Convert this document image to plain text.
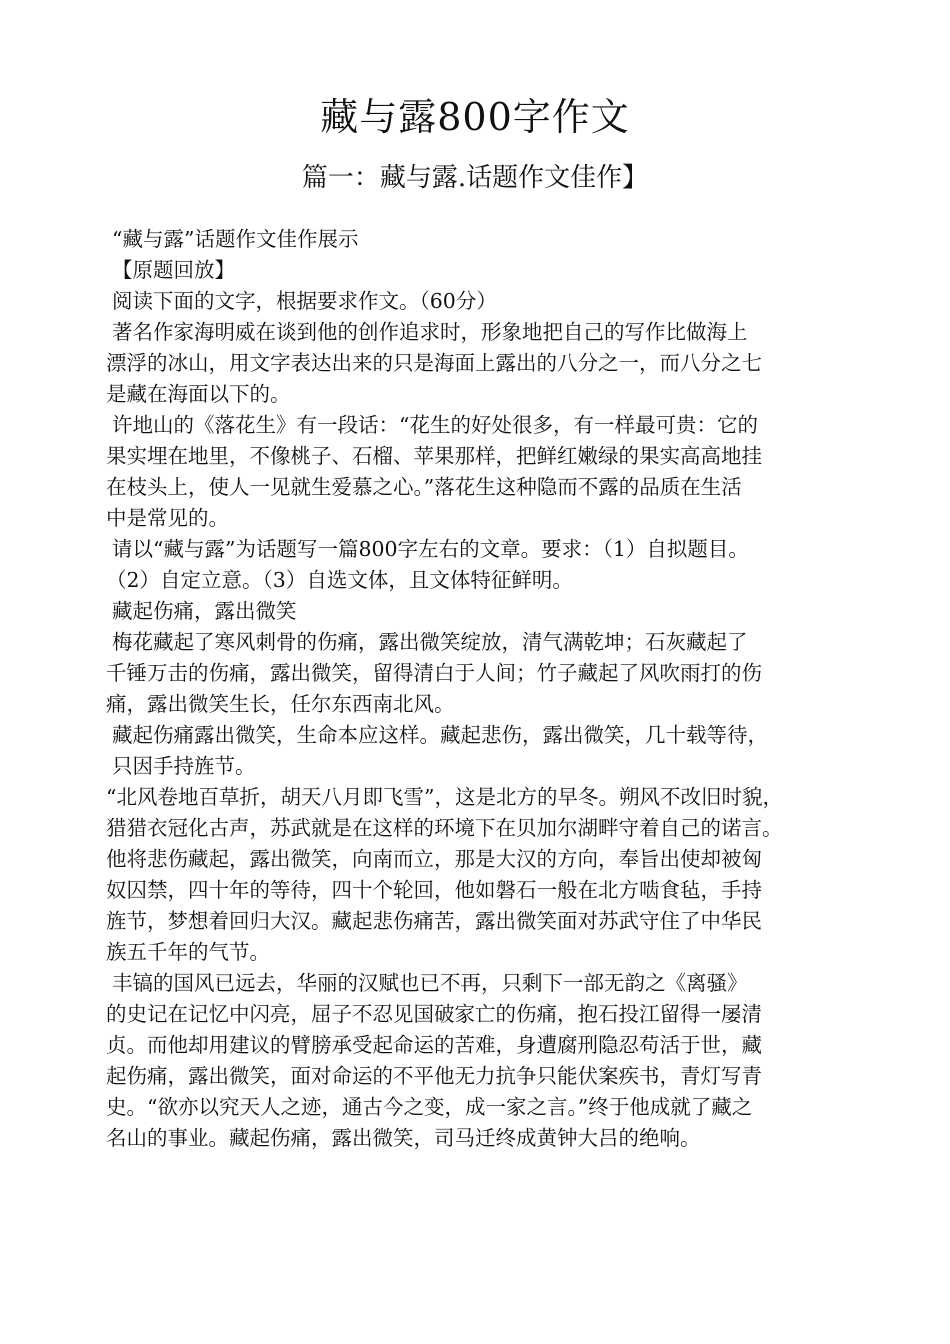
藏与露800字作文
篇一：藏与露.话题作文佳作】

“藏与露”话题作文佳作展示

【原题回放】

阅读下面的文字，根据要求作文。（60分）

著名作家海明威在谈到他的创作追求时，形象地把自己的写作比做海上

漂浮的冰山，用文字表达出来的只是海面上露出的八分之一，而八分之七

是藏在海面以下的。

许地山的《落花生》有一段话：“花生的好处很多，有一样最可贵：它的

果实埋在地里，不像桃子、石榴、苹果那样，把鲜红嫩绿的果实高高地挂

在枝头上，使人一见就生爱慕之心。”落花生这种隐而不露的品质在生活

中是常见的。

请以“藏与露”为话题写一篇800字左右的文章。要求：（1）自拟题目。

（2）自定立意。（3）自选文体，且文体特征鲜明。

藏起伤痛，露出微笑

梅花藏起了寒风刺骨的伤痛，露出微笑绽放，清气满乾坤；石灰藏起了

千锤万击的伤痛，露出微笑，留得清白于人间；竹子藏起了风吹雨打的伤

痛，露出微笑生长，任尔东西南北风。

藏起伤痛露出微笑，生命本应这样。藏起悲伤，露出微笑，几十载等待，

只因手持旌节。

“北风卷地百草折，胡天八月即飞雪”，这是北方的早冬。朔风不改旧时貌，

猎猎衣冠化古声，苏武就是在这样的环境下在贝加尔湖畔守着自己的诺言。

他将悲伤藏起，露出微笑，向南而立，那是大汉的方向，奉旨出使却被匈

奴囚禁，四十年的等待，四十个轮回，他如磐石一般在北方啮食毡，手持

旌节，梦想着回归大汉。藏起悲伤痛苦，露出微笑面对苏武守住了中华民

族五千年的气节。

丰镐的国风已远去，华丽的汉赋也已不再，只剩下一部无韵之《离骚》

的史记在记忆中闪亮，屈子不忍见国破家亡的伤痛，抱石投江留得一屡清

贞。而他却用建议的臂膀承受起命运的苦难，身遭腐刑隐忍苟活于世，藏

起伤痛，露出微笑，面对命运的不平他无力抗争只能伏案疾书，青灯写青

史。“欲亦以究天人之迹，通古今之变，成一家之言。”终于他成就了藏之

名山的事业。藏起伤痛，露出微笑，司马迁终成黄钟大吕的绝响。
